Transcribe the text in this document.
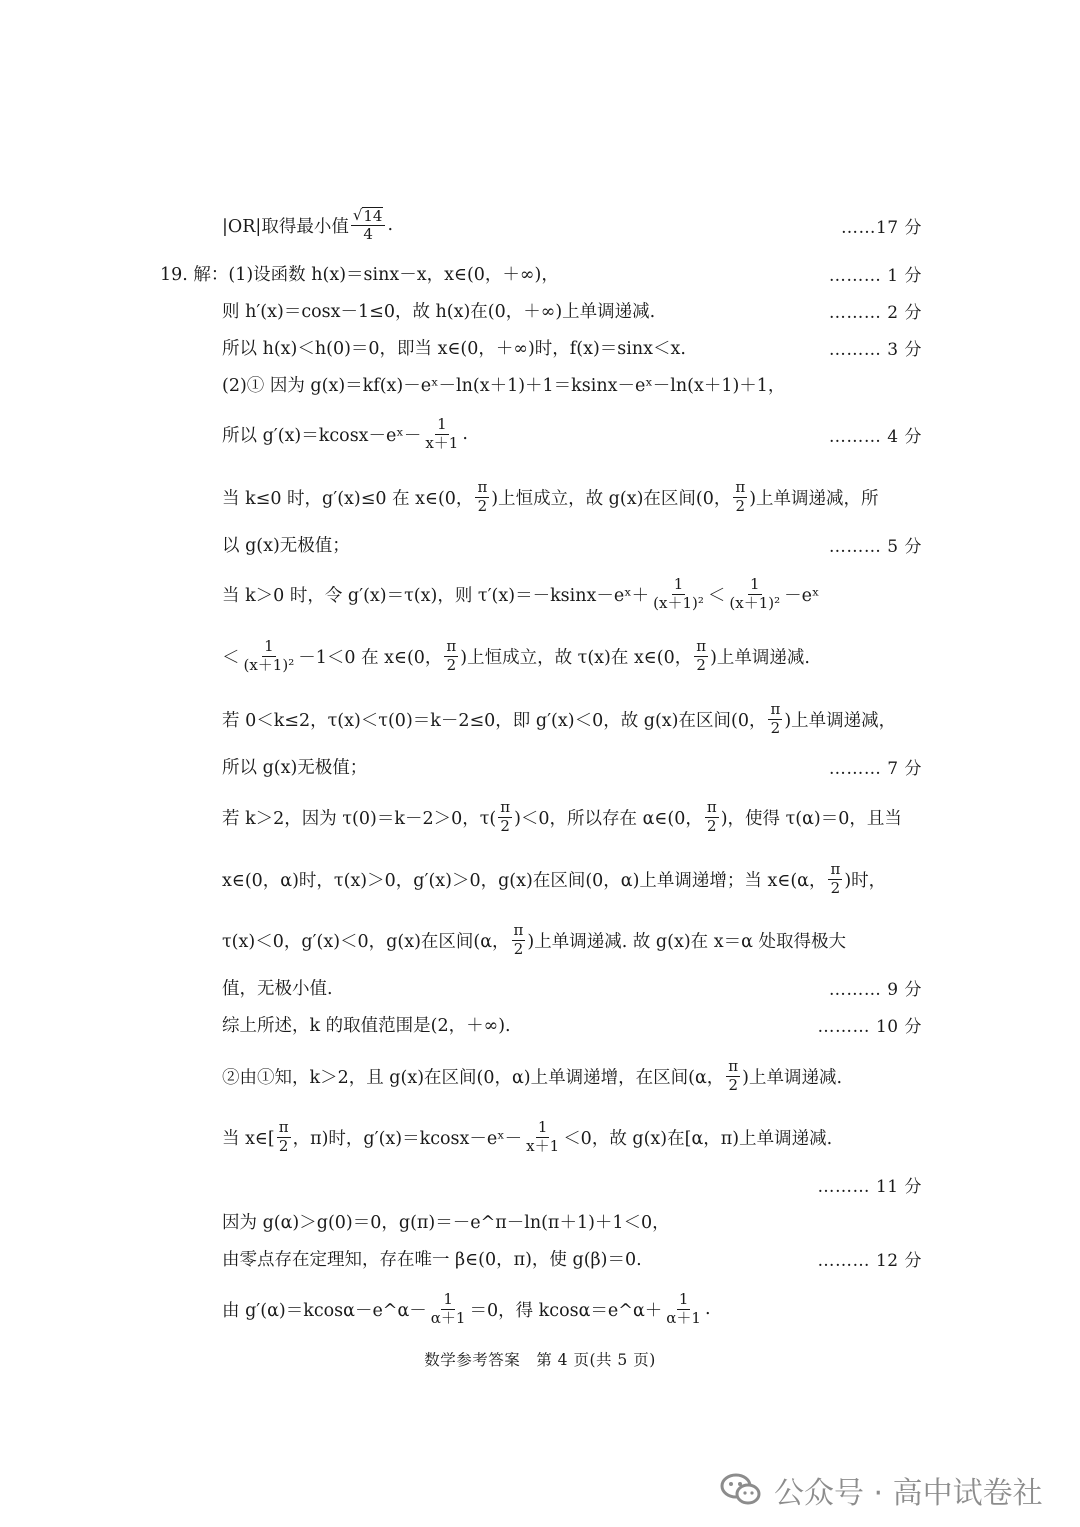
|OR|取得最小值 $\frac{√ 14}{4}$ .	……17 分
19. 解：(1)设函数 h(x)＝sinx－x，x∈(0，＋∞)，	……… 1 分
则 h′(x)＝cosx－1≤0，故 h(x)在(0，＋∞)上单调递减.	……… 2 分
所以 h(x)＜h(0)＝0，即当 x∈(0，＋∞)时，f(x)＝sinx＜x.	……… 3 分
(2)① 因为 g(x)＝kf(x)－eˣ－ln(x＋1)＋1＝ksinx－eˣ－ln(x＋1)＋1，
所以 g′(x)＝kcosx－eˣ－ $\frac{1}{x+1}$ .	……… 4 分
当 k≤0 时，g′(x)≤0 在 x∈(0， $\frac{\pi}{2}$ )上恒成立，故 g(x)在区间(0， $\frac{\pi}{2}$ )上单调递减，所
以 g(x)无极值；	……… 5 分
当 k＞0 时，令 g′(x)＝τ(x)，则 τ′(x)＝－ksinx－eˣ＋ $\frac{1}{\text{(x＋1)²}} < \frac{1}{\text{(x＋1)²}}$ －eˣ
＜ $\frac{1}{\text{(x＋1)²}} -1<0$ 在 x∈(0， $\frac{\pi}{2}$ )上恒成立，故 τ(x)在 x∈(0， $\frac{\pi}{2}$ )上单调递减.
若 0＜k≤2，τ(x)＜τ(0)＝k－2≤0，即 g′(x)＜0，故 g(x)在区间(0， $\frac{\pi}{2}$ )上单调递减，
所以 g(x)无极值；	……… 7 分
若 k＞2，因为 τ(0)＝k－2＞0，$\tau( \frac{\pi}{2} )<0$，所以存在 α∈(0， $\frac{\pi}{2}$ )，使得 τ(α)＝0，且当
x∈(0，α)时，τ(x)＞0，g′(x)＞0，g(x)在区间(0，α)上单调递增；当 x∈(α， $\frac{\pi}{2}$ )时，
τ(x)＜0，g′(x)＜0，g(x)在区间(α， $\frac{\pi}{2}$ )上单调递减. 故 g(x)在 x＝α 处取得极大
值，无极小值.	……… 9 分
综上所述，k 的取值范围是(2，＋∞).	……… 10 分
②由①知，k＞2，且 g(x)在区间(0，α)上单调递增，在区间(α， $\frac{\pi}{2}$ )上单调递减.
当 x∈[ $\frac{\pi}{2}$ ，π)时，g′(x)＝kcosx－eˣ－ $\frac{1}{x+1} <0$，故 g(x)在[α，π)上单调递减.
……… 11 分
因为 g(α)＞g(0)＝0，g(π)＝－e^π－ln(π＋1)＋1＜0，
由零点存在定理知，存在唯一 β∈(0，π)，使 g(β)＝0.	……… 12 分
由 g′(α)＝kcosα－e^α－ $\frac{1}{\alpha+1} =0$，得 kcosα＝e^α＋ $\frac{1}{\alpha+1}$ .
数学参考答案　第 4 页(共 5 页)
公众号 · 高中试卷社
